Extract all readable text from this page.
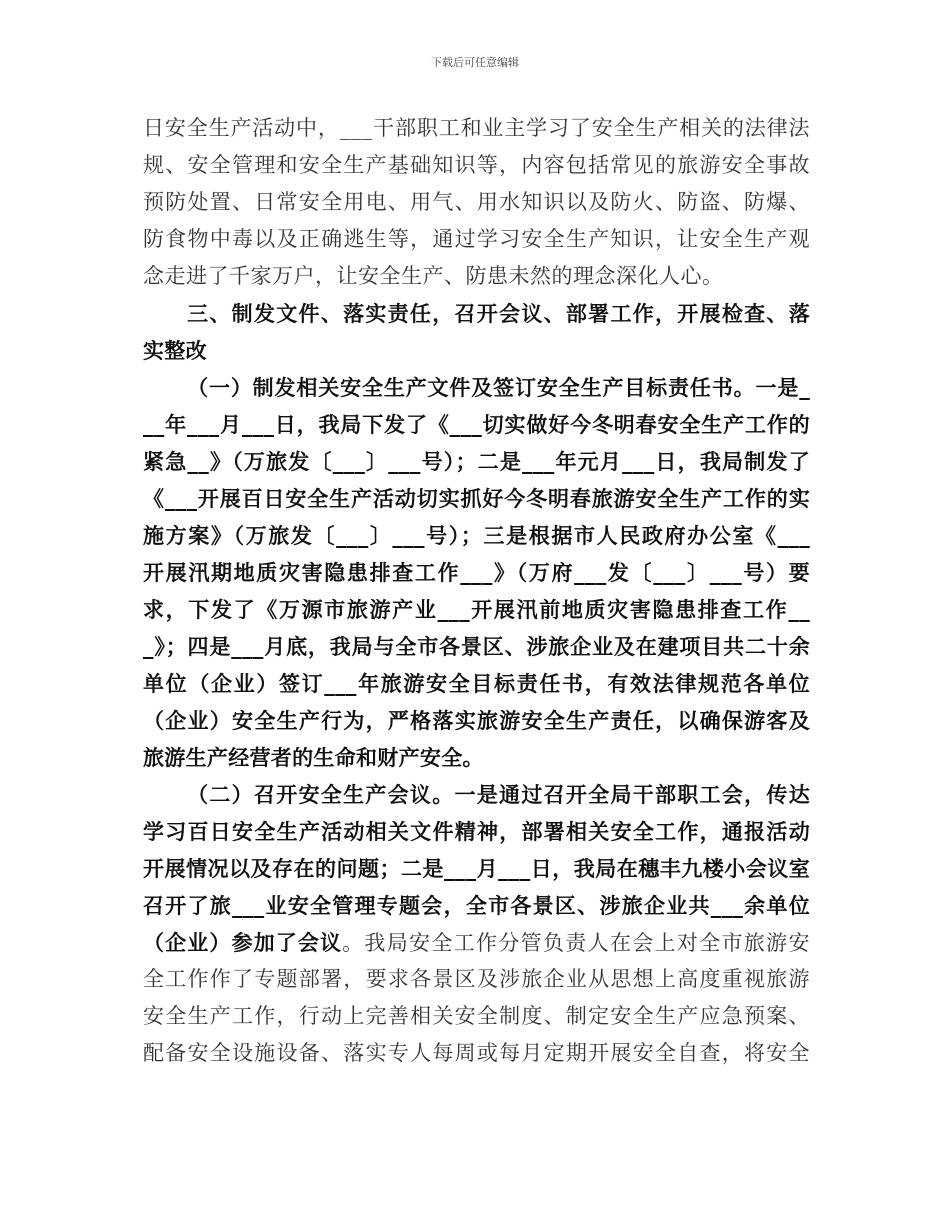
下载后可任意编辑
日安全生产活动中，___干部职工和业主学习了安全生产相关的法律法
规、安全管理和安全生产基础知识等，内容包括常见的旅游安全事故
预防处置、日常安全用电、用气、用水知识以及防火、防盗、防爆、
防食物中毒以及正确逃生等，通过学习安全生产知识，让安全生产观
念走进了千家万户，让安全生产、防患未然的理念深化人心。
三、制发文件、落实责任，召开会议、部署工作，开展检查、落
实整改
（一）制发相关安全生产文件及签订安全生产目标责任书。一是_
__年___月___日，我局下发了《___切实做好今冬明春安全生产工作的
紧急__》（万旅发〔___〕___号）；二是___年元月___日，我局制发了
《___开展百日安全生产活动切实抓好今冬明春旅游安全生产工作的实
施方案》（万旅发〔___〕___号）；三是根据市人民政府办公室《___
开展汛期地质灾害隐患排查工作___》（万府___发〔___〕___号）要
求，下发了《万源市旅游产业___开展汛前地质灾害隐患排查工作__
_》；四是___月底，我局与全市各景区、涉旅企业及在建项目共二十余
单位（企业）签订___年旅游安全目标责任书，有效法律规范各单位
（企业）安全生产行为，严格落实旅游安全生产责任，以确保游客及
旅游生产经营者的生命和财产安全。
（二）召开安全生产会议。一是通过召开全局干部职工会，传达
学习百日安全生产活动相关文件精神，部署相关安全工作，通报活动
开展情况以及存在的问题；二是___月___日，我局在穗丰九楼小会议室
召开了旅___业安全管理专题会，全市各景区、涉旅企业共___余单位
（企业）参加了会议。我局安全工作分管负责人在会上对全市旅游安
全工作作了专题部署，要求各景区及涉旅企业从思想上高度重视旅游
安全生产工作，行动上完善相关安全制度、制定安全生产应急预案、
配备安全设施设备、落实专人每周或每月定期开展安全自查，将安全
